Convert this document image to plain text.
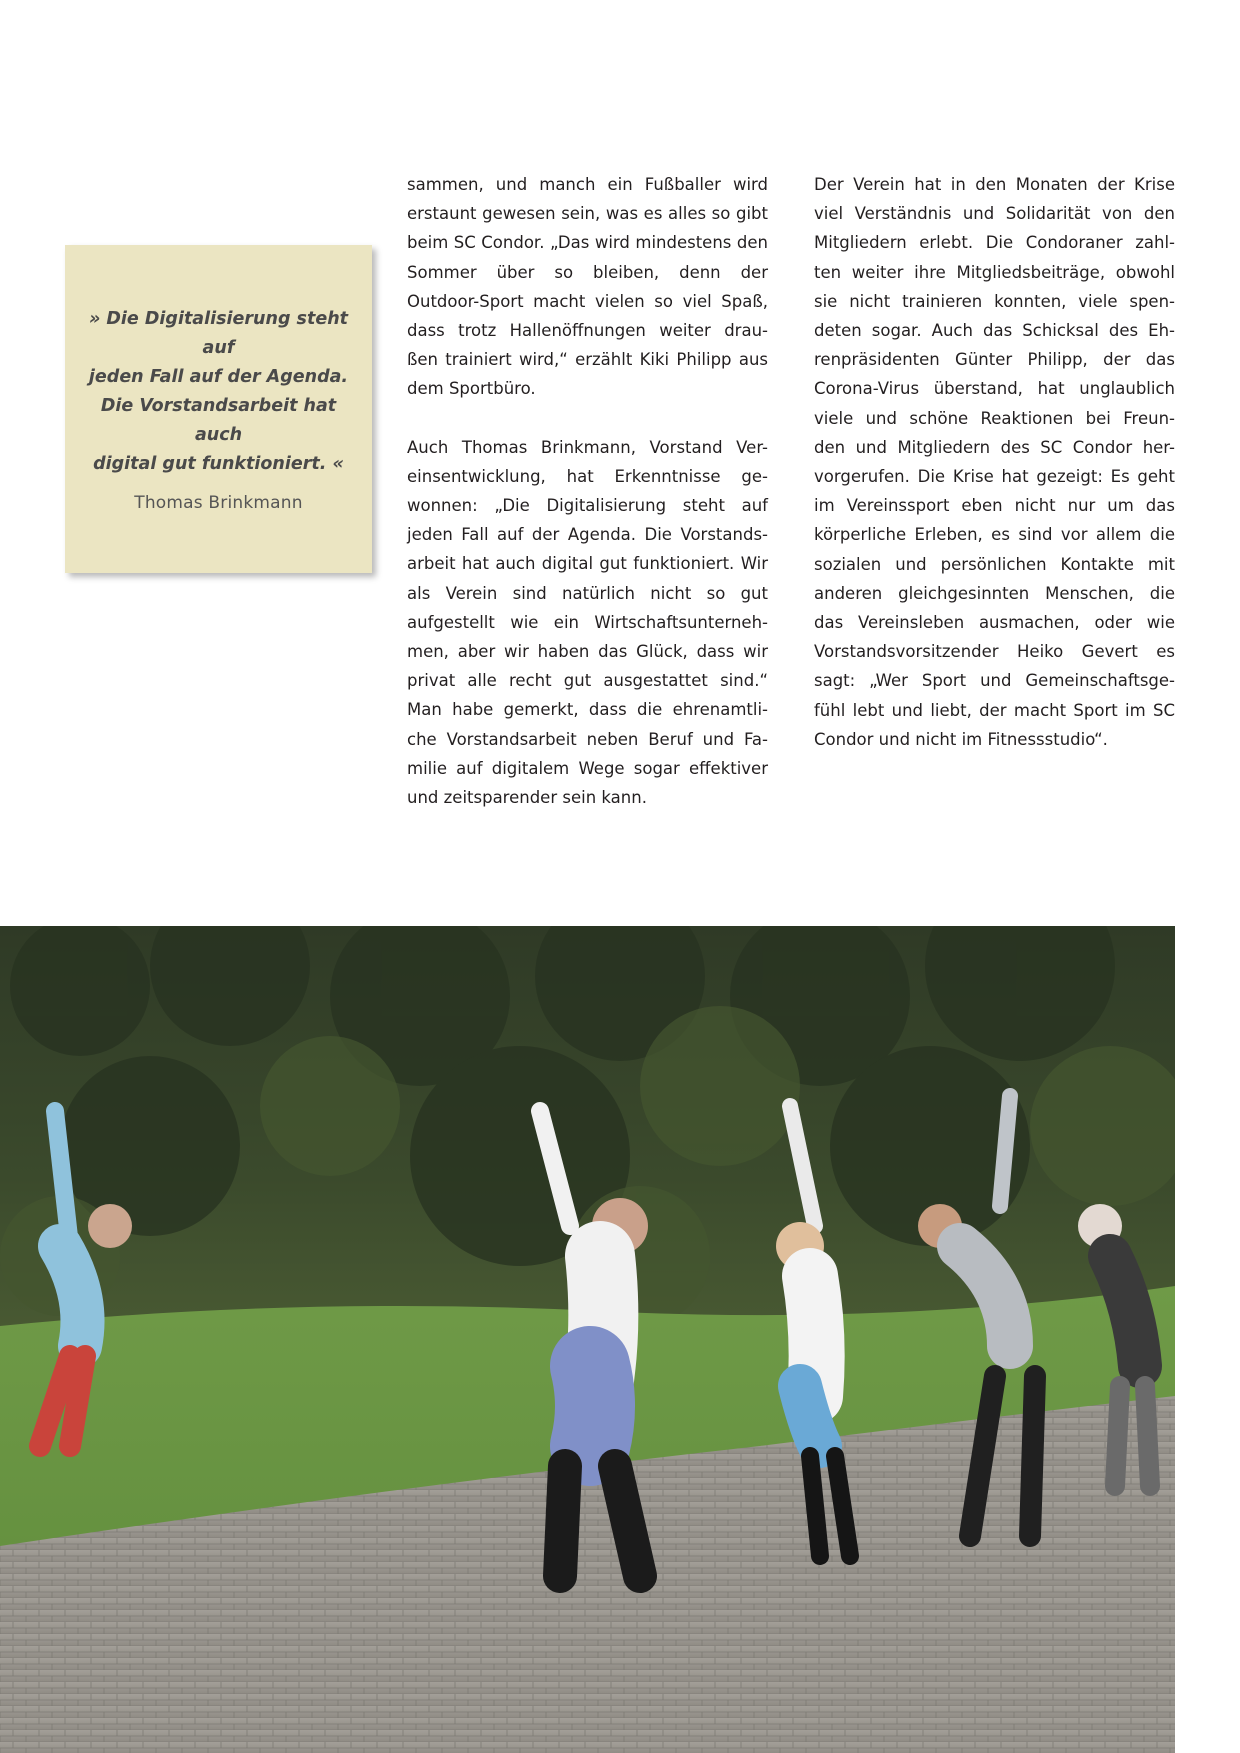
» Die Digitalisierung steht auf
jeden Fall auf der Agenda.
Die Vorstandsarbeit hat auch
digital gut funktioniert. «

Thomas Brinkmann

sammen, und manch ein Fußballer wird erstaunt gewesen sein, was es alles so gibt beim SC Condor. „Das wird mindestens den Sommer über so bleiben, denn der Outdoor-Sport macht vielen so viel Spaß, dass trotz Hallenöffnungen weiter drau- ßen trainiert wird,“ erzählt Kiki Philipp aus dem Sportbüro.

Auch Thomas Brinkmann, Vorstand Ver- einsentwicklung, hat Erkenntnisse ge- wonnen: „Die Digitalisierung steht auf jeden Fall auf der Agenda. Die Vorstands- arbeit hat auch digital gut funktioniert. Wir als Verein sind natürlich nicht so gut aufgestellt wie ein Wirtschaftsunterneh- men, aber wir haben das Glück, dass wir privat alle recht gut ausgestattet sind.“ Man habe gemerkt, dass die ehrenamtli- che Vorstandsarbeit neben Beruf und Fa- milie auf digitalem Wege sogar effektiver und zeitsparender sein kann.

Der Verein hat in den Monaten der Krise viel Verständnis und Solidarität von den Mitgliedern erlebt. Die Condoraner zahl- ten weiter ihre Mitgliedsbeiträge, obwohl sie nicht trainieren konnten, viele spen- deten sogar. Auch das Schicksal des Eh- renpräsidenten Günter Philipp, der das Corona-Virus überstand, hat unglaublich viele und schöne Reaktionen bei Freun- den und Mitgliedern des SC Condor her- vorgerufen. Die Krise hat gezeigt: Es geht im Vereinssport eben nicht nur um das körperliche Erleben, es sind vor allem die sozialen und persönlichen Kontakte mit anderen gleichgesinnten Menschen, die das Vereinsleben ausmachen, oder wie Vorstandsvorsitzender Heiko Gevert es sagt: „Wer Sport und Gemeinschaftsge- fühl lebt und liebt, der macht Sport im SC Condor und nicht im Fitnessstudio“.
